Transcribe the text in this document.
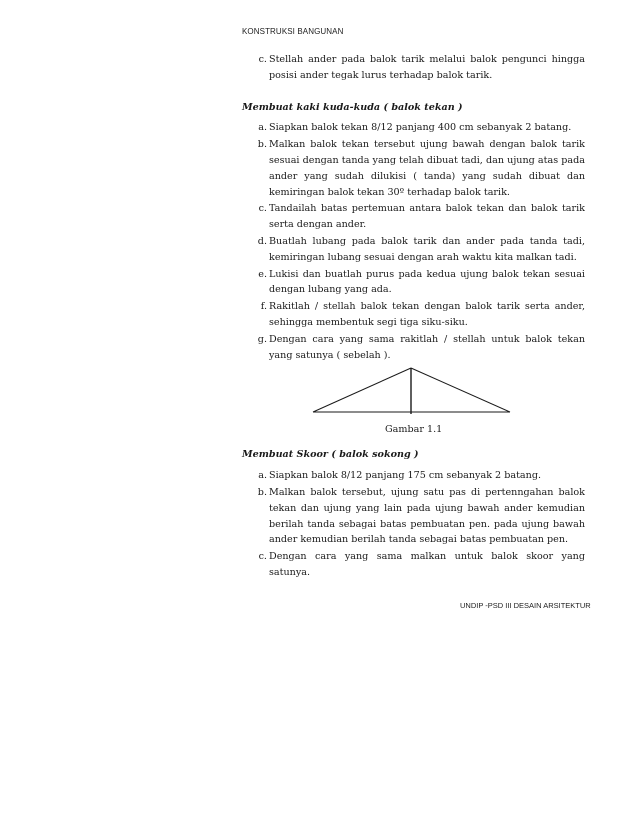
KONSTRUKSI BANGUNAN
c. Stellah ander pada balok tarik melalui balok pengunci hingga posisi ander tegak lurus terhadap balok tarik.
Membuat kaki kuda-kuda ( balok tekan )
a. Siapkan balok tekan 8/12 panjang 400 cm sebanyak 2 batang.
b. Malkan balok tekan tersebut ujung bawah dengan balok tarik sesuai dengan tanda yang telah dibuat tadi, dan ujung atas pada ander yang sudah dilukisi ( tanda) yang sudah dibuat dan kemiringan balok tekan 30º terhadap balok tarik.
c. Tandailah batas pertemuan antara balok tekan dan balok tarik serta dengan ander.
d. Buatlah lubang pada balok tarik dan ander pada tanda tadi, kemiringan lubang sesuai dengan arah waktu kita malkan tadi.
e. Lukisi dan buatlah purus pada kedua ujung balok tekan sesuai dengan lubang yang ada.
f. Rakitlah / stellah balok tekan dengan balok tarik serta ander, sehingga membentuk segi tiga siku-siku.
g. Dengan cara yang sama rakitlah / stellah untuk balok tekan yang satunya ( sebelah ).
Gambar 1.1
Membuat Skoor ( balok sokong )
a. Siapkan balok 8/12 panjang 175 cm sebanyak 2 batang.
b. Malkan balok tersebut, ujung satu pas di pertenngahan balok tekan dan ujung yang lain pada ujung bawah ander kemudian berilah tanda sebagai batas pembuatan pen. pada ujung bawah ander kemudian berilah tanda sebagai batas pembuatan pen.
c. Dengan cara yang sama malkan untuk balok skoor yang satunya.
UNDIP -PSD III DESAIN ARSITEKTUR
